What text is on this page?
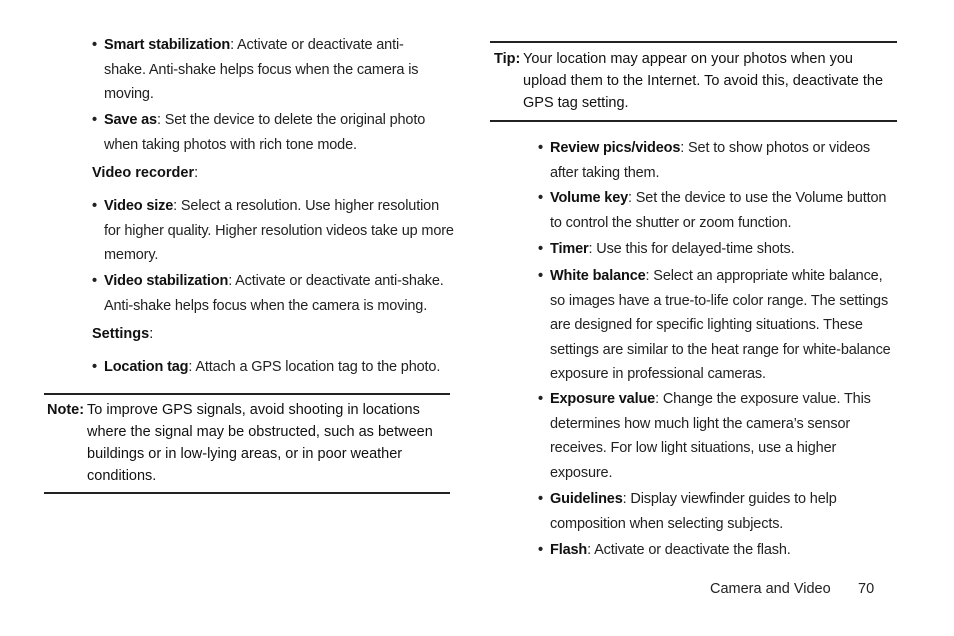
• Smart stabilization: Activate or deactivate anti-shake. Anti-shake helps focus when the camera is moving.
• Save as: Set the device to delete the original photo when taking photos with rich tone mode.
Video recorder:
• Video size: Select a resolution. Use higher resolution for higher quality. Higher resolution videos take up more memory.
• Video stabilization: Activate or deactivate anti-shake. Anti-shake helps focus when the camera is moving.
Settings:
• Location tag: Attach a GPS location tag to the photo.
Note: To improve GPS signals, avoid shooting in locations where the signal may be obstructed, such as between buildings or in low-lying areas, or in poor weather conditions.
Tip: Your location may appear on your photos when you upload them to the Internet. To avoid this, deactivate the GPS tag setting.
• Review pics/videos: Set to show photos or videos after taking them.
• Volume key: Set the device to use the Volume button to control the shutter or zoom function.
• Timer: Use this for delayed-time shots.
• White balance: Select an appropriate white balance, so images have a true-to-life color range. The settings are designed for specific lighting situations. These settings are similar to the heat range for white-balance exposure in professional cameras.
• Exposure value: Change the exposure value. This determines how much light the camera’s sensor receives. For low light situations, use a higher exposure.
• Guidelines: Display viewfinder guides to help composition when selecting subjects.
• Flash: Activate or deactivate the flash.
Camera and Video 70
